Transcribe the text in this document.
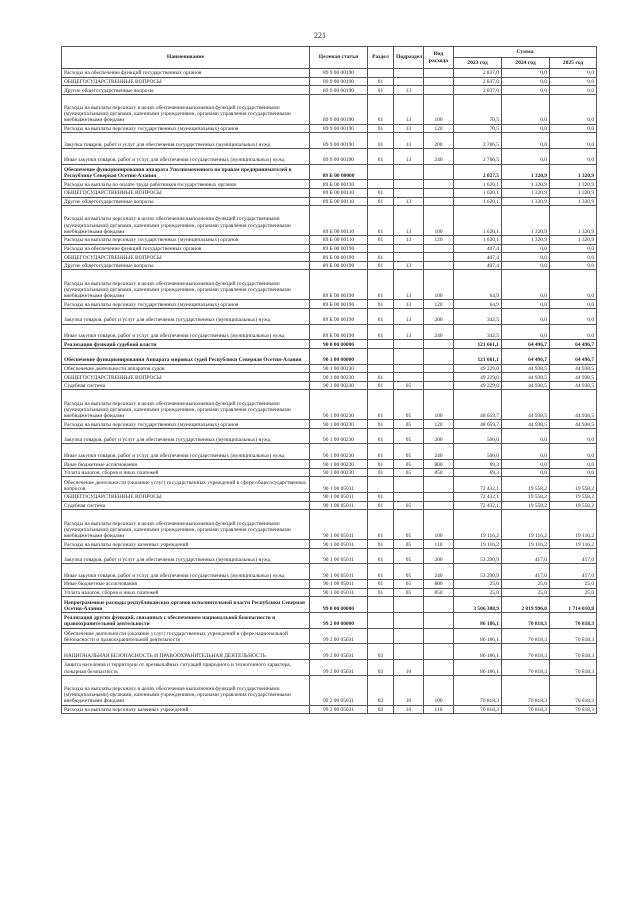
221
Наименование	Целевая статья	Раздел	Подраздел	Вид расхода	Сумма		
					2023 год	2024 год	2025 год
Расходы на обеспечение функций государственных органов	89 9 00 00190				2 837,0	0,0	0,0
ОБЩЕГОСУДАРСТВЕННЫЕ ВОПРОСЫ	89 9 00 00190	01			2 837,0	0,0	0,0
Другие общегосударственные вопросы	89 9 00 00190	01	13		2 837,0	0,0	0,0
Расходы на выплаты персоналу в целях обеспечения выполнения функций государственными (муниципальными) органами, казенными учреждениями, органами управления государственными внебюджетными фондами	89 9 00 00190	01	13	100	70,5	0,0	0,0
Расходы на выплаты персоналу государственных (муниципальных) органов	89 9 00 00190	01	13	120	70,5	0,0	0,0
Закупка товаров, работ и услуг для обеспечения государственных (муниципальных) нужд	89 9 00 00190	01	13	200	2 766,5	0,0	0,0
Иные закупки товаров, работ и услуг для обеспечения государственных (муниципальных) нужд	89 9 00 00190	01	13	240	2 766,5	0,0	0,0
Обеспечение функционирования аппарата Уполномоченного по правам предпринимателей в Республике Северная Осетия-Алания	89 Б 00 00000				2 027,5	1 320,9	1 320,9
Расходы на выплаты по оплате труда работников государственных органов	89 Б 00 00110				1 620,1	1 320,9	1 320,9
ОБЩЕГОСУДАРСТВЕННЫЕ ВОПРОСЫ	89 Б 00 00110	01			1 620,1	1 320,9	1 320,9
Другие общегосударственные вопросы	89 Б 00 00110	01	13		1 620,1	1 320,9	1 320,9
Расходы на выплаты персоналу в целях обеспечения выполнения функций государственными (муниципальными) органами, казенными учреждениями, органами управления государственными внебюджетными фондами	89 Б 00 00110	01	13	100	1 620,1	1 320,9	1 320,9
Расходы на выплаты персоналу государственных (муниципальных) органов	89 Б 00 00110	01	13	120	1 620,1	1 320,9	1 320,9
Расходы на обеспечение функций государственных органов	89 Б 00 00190				407,4	0,0	0,0
ОБЩЕГОСУДАРСТВЕННЫЕ ВОПРОСЫ	89 Б 00 00190	01			407,4	0,0	0,0
Другие общегосударственные вопросы	89 Б 00 00190	01	13		407,4	0,0	0,0
Расходы на выплаты персоналу в целях обеспечения выполнения функций государственными (муниципальными) органами, казенными учреждениями, органами управления государственными внебюджетными фондами	89 Б 00 00190	01	13	100	64,9	0,0	0,0
Расходы на выплаты персоналу государственных (муниципальных) органов	89 Б 00 00190	01	13	120	64,9	0,0	0,0
Закупка товаров, работ и услуг для обеспечения государственных (муниципальных) нужд	89 Б 00 00190	01	13	200	342,5	0,0	0,0
Иные закупки товаров, работ и услуг для обеспечения государственных (муниципальных) нужд	89 Б 00 00190	01	13	240	342,5	0,0	0,0
Реализация функций судебной власти	90 0 00 00000				121 661,1	64 496,7	64 496,7
Обеспечение функционирования Аппарата мировых судей Республики Северная Осетия-Алания	90 1 00 00000				121 661,1	64 496,7	64 496,7
Обеспечение деятельности аппаратов судов	90 1 00 00230				49 229,0	44 938,5	44 938,5
ОБЩЕГОСУДАРСТВЕННЫЕ ВОПРОСЫ	90 1 00 00230	01			49 229,0	44 938,5	44 938,5
Судебная система	90 1 00 00230	01	05		49 229,0	44 938,5	44 938,5
Расходы на выплаты персоналу в целях обеспечения выполнения функций государственными (муниципальными) органами, казенными учреждениями, органами управления государственными внебюджетными фондами	90 1 00 00230	01	05	100	48 659,7	44 938,5	44 938,5
Расходы на выплаты персоналу государственных (муниципальных) органов	90 1 00 00230	01	05	120	48 659,7	44 938,5	44 938,5
Закупка товаров, работ и услуг для обеспечения государственных (муниципальных) нужд	90 1 00 00230	01	05	200	500,0	0,0	0,0
Иные закупки товаров, работ и услуг для обеспечения государственных (муниципальных) нужд	90 1 00 00230	01	05	240	500,0	0,0	0,0
Иные бюджетные ассигнования	90 1 00 00230	01	05	800	69,3	0,0	0,0
Уплата налогов, сборов и иных платежей	90 1 00 00230	01	05	850	69,3	0,0	0,0
Обеспечение деятельности (оказание услуг) государственных учреждений в сфере общегосударственных вопросов	90 1 00 05011				72 432,1	19 558,2	19 558,2
ОБЩЕГОСУДАРСТВЕННЫЕ ВОПРОСЫ	90 1 00 05011	01			72 432,1	19 558,2	19 558,2
Судебная система	90 1 00 05011	01	05		72 432,1	19 558,2	19 558,2
Расходы на выплаты персоналу в целях обеспечения выполнения функций государственными (муниципальными) органами, казенными учреждениями, органами управления государственными внебюджетными фондами	90 1 00 05011	01	05	100	19 116,2	19 116,2	19 116,2
Расходы на выплаты персоналу казенных учреждений	90 1 00 05011	01	05	110	19 116,2	19 116,2	19 116,2
Закупка товаров, работ и услуг для обеспечения государственных (муниципальных) нужд	90 1 00 05011	01	05	200	53 290,9	417,0	417,0
Иные закупки товаров, работ и услуг для обеспечения государственных (муниципальных) нужд	90 1 00 05011	01	05	240	53 290,9	417,0	417,0
Иные бюджетные ассигнования	90 1 00 05011	01	05	800	25,0	25,0	25,0
Уплата налогов, сборов и иных платежей	90 1 00 05011	01	05	850	25,0	25,0	25,0
Непрограммные расходы республиканских органов исполнительной власти Республики Северная Осетия-Алания	99 0 00 00000				3 506 388,9	2 819 996,0	1 714 010,8
Реализация других функций, связанных с обеспечением национальной безопасности и правоохранительной деятельности	99 2 00 00000				86 186,1	70 818,3	70 818,3
Обеспечение деятельности (оказание услуг) государственных учреждений в сфере национальной безопасности и правоохранительной деятельности	99 2 00 05031				86 186,1	70 818,3	70 818,3
НАЦИОНАЛЬНАЯ БЕЗОПАСНОСТЬ И ПРАВООХРАНИТЕЛЬНАЯ ДЕЯТЕЛЬНОСТЬ	99 2 00 05031	03			86 186,1	70 818,3	70 818,3
Защита населения и территории от чрезвычайных ситуаций природного и техногенного характера, пожарная безопасность	99 2 00 05031	03	10		86 186,1	70 818,3	70 818,3
Расходы на выплаты персоналу в целях обеспечения выполнения функций государственными (муниципальными) органами, казенными учреждениями, органами управления государственными внебюджетными фондами	99 2 00 05031	03	10	100	70 818,3	70 818,3	70 818,3
Расходы на выплаты персоналу казенных учреждений	99 2 00 05031	03	10	110	70 818,3	70 818,3	70 818,3
